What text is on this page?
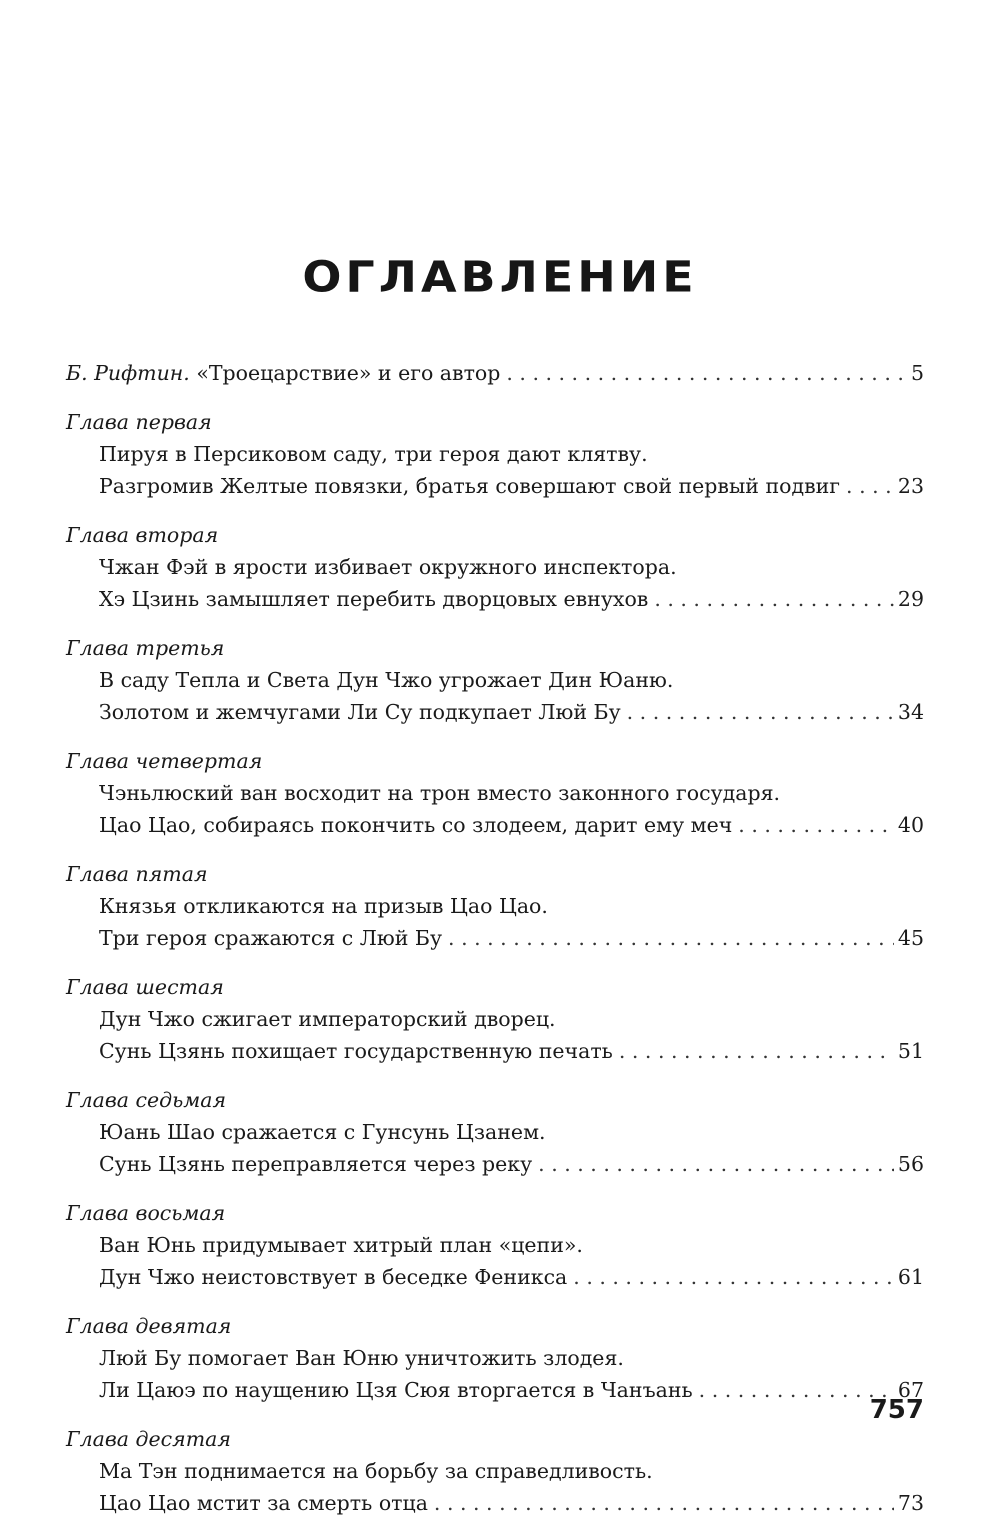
ОГЛАВЛЕНИЕ
Б. Рифтин. «Троецарствие» и его автор . . .	5
Глава первая
Пируя в Персиковом саду, три героя дают клятву.
Разгромив Желтые повязки, братья совершают свой первый подвиг . . .	23
Глава вторая
Чжан Фэй в ярости избивает окружного инспектора.
Хэ Цзинь замышляет перебить дворцовых евнухов . . .	29
Глава третья
В саду Тепла и Света Дун Чжо угрожает Дин Юаню.
Золотом и жемчугами Ли Су подкупает Люй Бу . . .	34
Глава четвертая
Чэньлюский ван восходит на трон вместо законного государя.
Цао Цао, собираясь покончить со злодеем, дарит ему меч . . .	40
Глава пятая
Князья откликаются на призыв Цао Цао.
Три героя сражаются с Люй Бу . . .	45
Глава шестая
Дун Чжо сжигает императорский дворец.
Сунь Цзянь похищает государственную печать . . .	51
Глава седьмая
Юань Шао сражается с Гунсунь Цзанем.
Сунь Цзянь переправляется через реку . . .	56
Глава восьмая
Ван Юнь придумывает хитрый план «цепи».
Дун Чжо неистовствует в беседке Феникса . . .	61
Глава девятая
Люй Бу помогает Ван Юню уничтожить злодея.
Ли Цаюэ по наущению Цзя Сюя вторгается в Чанъань . . .	67
Глава десятая
Ма Тэн поднимается на борьбу за справедливость.
Цао Цао мстит за смерть отца . . .	73
757
